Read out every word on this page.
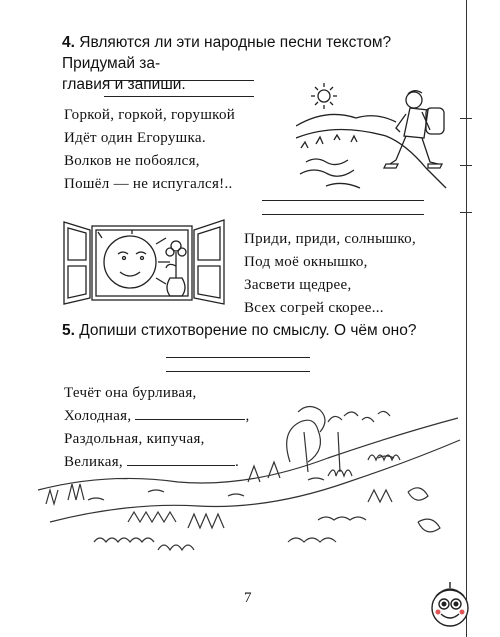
4. Являются ли эти народные песни текстом? Придумай за-
главия и запиши.
Горкой, горкой, горушкой
Идёт один Егорушка.
Волков не побоялся,
Пошёл — не испугался!..
Приди, приди, солнышко,
Под моё окнышко,
Засвети щедрее,
Всех согрей скорее...
5. Допиши стихотворение по смыслу. О чём оно?
Течёт она бурливая,
Холодная,	,
Раздольная, кипучая,
Великая,	.
7
